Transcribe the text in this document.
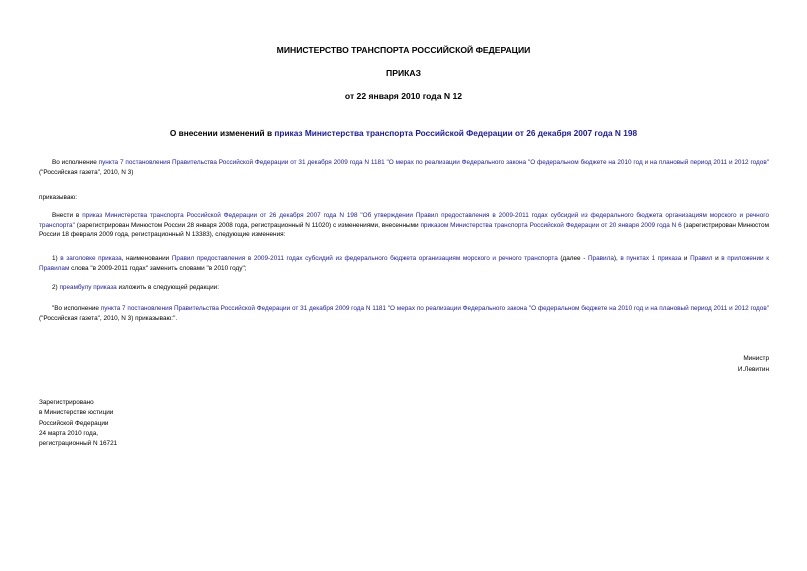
МИНИСТЕРСТВО ТРАНСПОРТА РОССИЙСКОЙ ФЕДЕРАЦИИ
ПРИКАЗ
от 22 января 2010 года N 12
О внесении изменений в приказ Министерства транспорта Российской Федерации от 26 декабря 2007 года N 198
Во исполнение пункта 7 постановления Правительства Российской Федерации от 31 декабря 2009 года N 1181 "О мерах по реализации Федерального закона "О федеральном бюджете на 2010 год и на плановый период 2011 и 2012 годов" ("Российская газета", 2010, N 3)
приказываю:
Внести в приказ Министерства транспорта Российской Федерации от 26 декабря 2007 года N 198 "Об утверждении Правил предоставления в 2009-2011 годах субсидий из федерального бюджета организациям морского и речного транспорта" (зарегистрирован Минюстом России 28 января 2008 года, регистрационный N 11020) с изменениями, внесенными приказом Министерства транспорта Российской Федерации от 20 января 2009 года N 6 (зарегистрирован Минюстом России 18 февраля 2009 года, регистрационный N 13383), следующие изменения:
1) в заголовке приказа, наименовании Правил предоставления в 2009-2011 годах субсидий из федерального бюджета организациям морского и речного транспорта (далее - Правила), в пунктах 1 приказа и Правил и в приложении к Правилам слова "в 2009-2011 годах" заменить словами "в 2010 году";
2) преамбулу приказа изложить в следующей редакции:
"Во исполнение пункта 7 постановления Правительства Российской Федерации от 31 декабря 2009 года N 1181 "О мерах по реализации Федерального закона "О федеральном бюджете на 2010 год и на плановый период 2011 и 2012 годов" ("Российская газета", 2010, N 3) приказываю:".
Министр
И.Левитин
Зарегистрировано
в Министерстве юстиции
Российской Федерации
24 марта 2010 года,
регистрационный N 16721
